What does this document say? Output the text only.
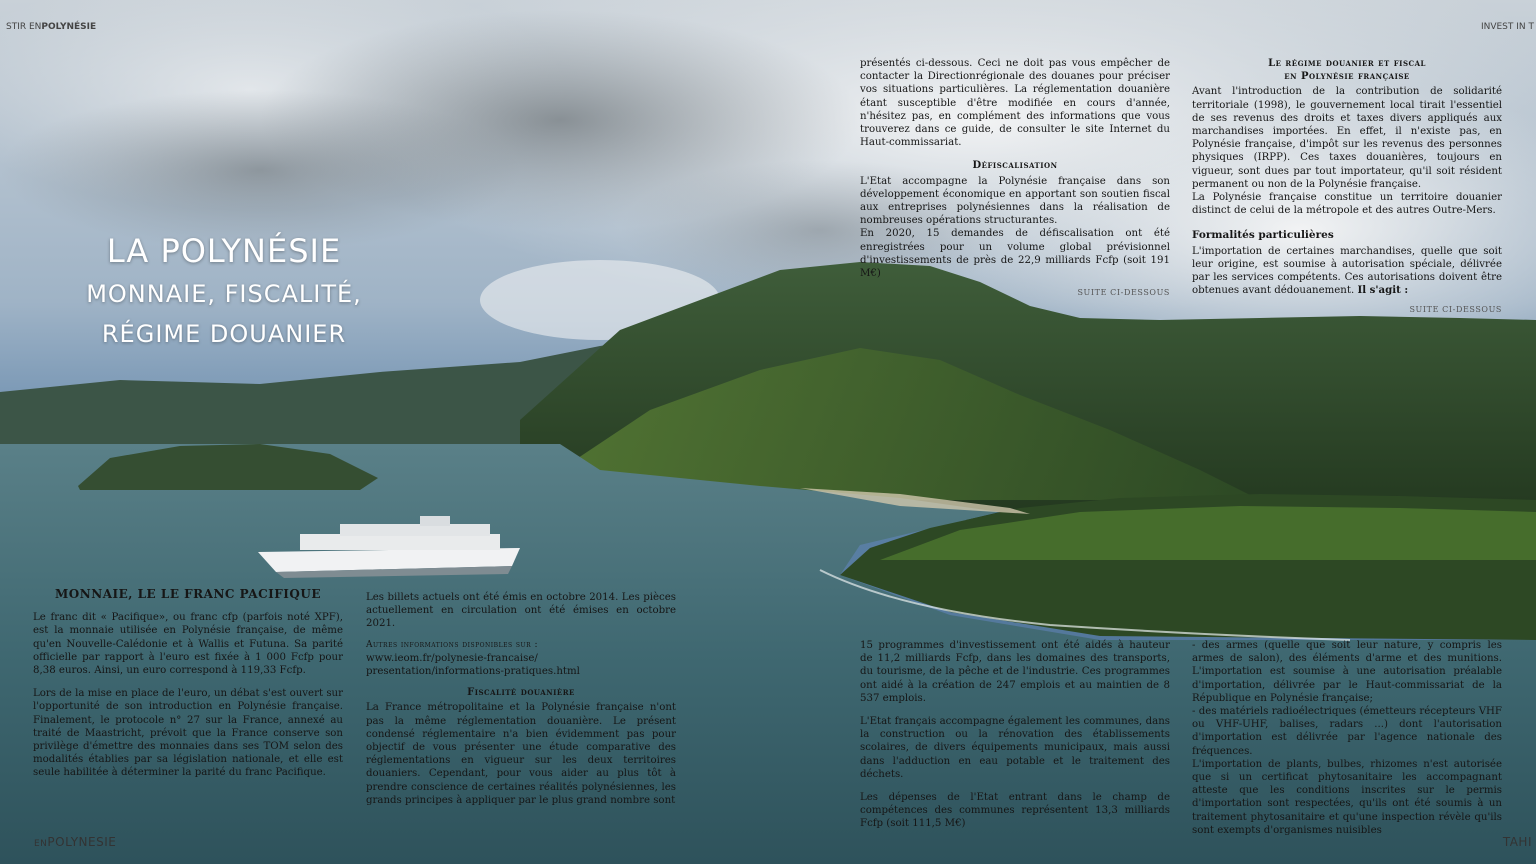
STIR ENPOLYNÉSIE	INVEST IN T
LA POLYNÉSIE
MONNAIE, FISCALITÉ,
RÉGIME DOUANIER

présentés ci-dessous. Ceci ne doit pas vous empêcher de contacter la Directionrégionale des douanes pour préciser vos situations particulières. La réglementation douanière étant susceptible d'être modifiée en cours d'année, n'hésitez pas, en complément des informations que vous trouverez dans ce guide, de consulter le site Internet du Haut-commissariat.

Défiscalisation

L'Etat accompagne la Polynésie française dans son développement économique en apportant son soutien fiscal aux entreprises polynésiennes dans la réalisation de nombreuses opérations structurantes.

En 2020, 15 demandes de défiscalisation ont été enregistrées pour un volume global prévisionnel d'investissements de près de 22,9 milliards Fcfp (soit 191 M€)

SUITE CI-DESSOUS
Le régime douanier et fiscal
en Polynésie française

Avant l'introduction de la contribution de solidarité territoriale (1998), le gouvernement local tirait l'essentiel de ses revenus des droits et taxes divers appliqués aux marchandises importées. En effet, il n'existe pas, en Polynésie française, d'impôt sur les revenus des personnes physiques (IRPP). Ces taxes douanières, toujours en vigueur, sont dues par tout importateur, qu'il soit résident permanent ou non de la Polynésie française.

La Polynésie française constitue un territoire douanier distinct de celui de la métropole et des autres Outre-Mers.

Formalités particulières

L'importation de certaines marchandises, quelle que soit leur origine, est soumise à autorisation spéciale, délivrée par les services compétents. Ces autorisations doivent être obtenues avant dédouanement. Il s'agit :

SUITE CI-DESSOUS
MONNAIE, LE LE FRANC PACIFIQUE

Le franc dit « Pacifique», ou franc cfp (parfois noté XPF), est la monnaie utilisée en Polynésie française, de même qu'en Nouvelle-Calédonie et à Wallis et Futuna. Sa parité officielle par rapport à l'euro est fixée à 1 000 Fcfp pour 8,38 euros. Ainsi, un euro correspond à 119,33 Fcfp.

Lors de la mise en place de l'euro, un débat s'est ouvert sur l'opportunité de son introduction en Polynésie française. Finalement, le protocole n° 27 sur la France, annexé au traité de Maastricht, prévoit que la France conserve son privilège d'émettre des monnaies dans ses TOM selon des modalités établies par sa législation nationale, et elle est seule habilitée à déterminer la parité du franc Pacifique.

Les billets actuels ont été émis en octobre 2014. Les pièces actuellement en circulation ont été émises en octobre 2021.

Autres informations disponibles sur :

www.ieom.fr/polynesie-francaise/ presentation/informations-pratiques.html

Fiscalité douanière

La France métropolitaine et la Polynésie française n'ont pas la même réglementation douanière. Le présent condensé réglementaire n'a bien évidemment pas pour objectif de vous présenter une étude comparative des réglementations en vigueur sur les deux territoires douaniers. Cependant, pour vous aider au plus tôt à prendre conscience de certaines réalités polynésiennes, les grands principes à appliquer par le plus grand nombre sont

15 programmes d'investissement ont été aidés à hauteur de 11,2 milliards Fcfp, dans les domaines des transports, du tourisme, de la pêche et de l'industrie. Ces programmes ont aidé à la création de 247 emplois et au maintien de 8 537 emplois.

L'Etat français accompagne également les communes, dans la construction ou la rénovation des établissements scolaires, de divers équipements municipaux, mais aussi dans l'adduction en eau potable et le traitement des déchets.

Les dépenses de l'Etat entrant dans le champ de compétences des communes représentent 13,3 milliards Fcfp (soit 111,5 M€)

- des armes (quelle que soit leur nature, y compris les armes de salon), des éléments d'arme et des munitions. L'importation est soumise à une autorisation préalable d'importation, délivrée par le Haut-commissariat de la République en Polynésie française;

- des matériels radioélectriques (émetteurs récepteurs VHF ou VHF-UHF, balises, radars ...) dont l'autorisation d'importation est délivrée par l'agence nationale des fréquences.

L'importation de plants, bulbes, rhizomes n'est autorisée que si un certificat phytosanitaire les accompagnant atteste que les conditions inscrites sur le permis d'importation sont respectées, qu'ils ont été soumis à un traitement phytosanitaire et qu'une inspection révèle qu'ils sont exempts d'organismes nuisibles

ENPOLYNESIE	TAHI
